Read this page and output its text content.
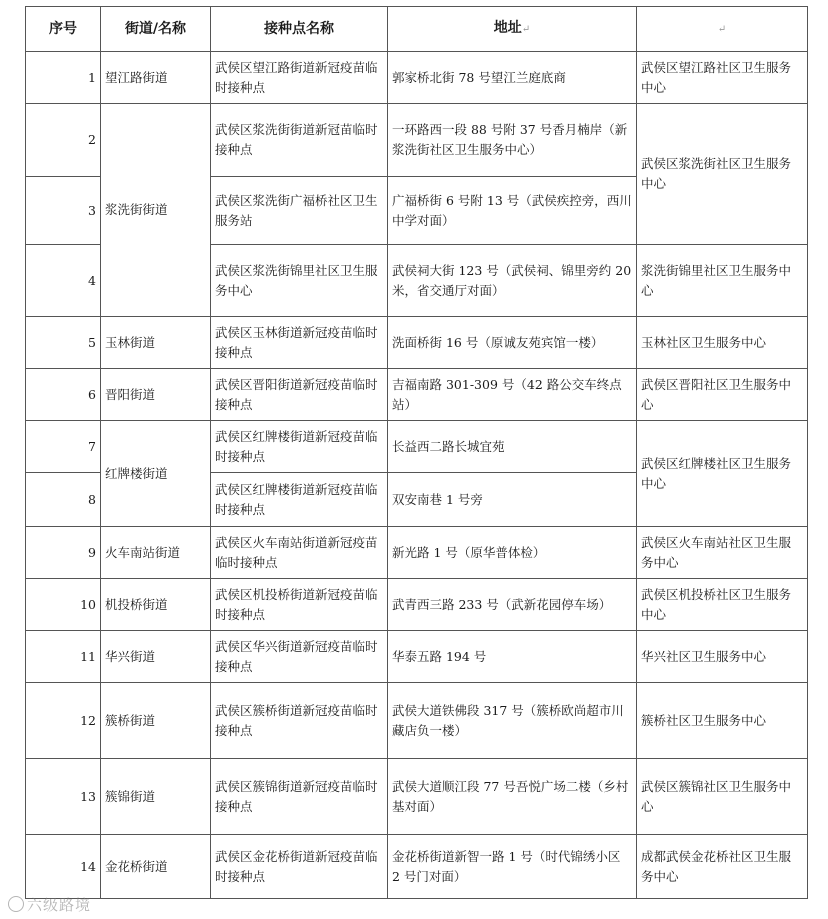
序号	街道/名称	接种点名称	地址↵	↵
1	望江路街道	武侯区望江路街道新冠疫苗临时接种点	郭家桥北街 78 号望江兰庭底商	武侯区望江路社区卫生服务中心
2	浆洗街街道	武侯区浆洗街街道新冠苗临时接种点	一环路西一段 88 号附 37 号香月楠岸（新浆洗街社区卫生服务中心）	武侯区浆洗街社区卫生服务中心
3		武侯区浆洗街广福桥社区卫生服务站	广福桥街 6 号附 13 号（武侯疾控旁，西川中学对面）	
4		武侯区浆洗街锦里社区卫生服务中心	武侯祠大街 123 号（武侯祠、锦里旁约 20 米，省交通厅对面）	浆洗街锦里社区卫生服务中心
5	玉林街道	武侯区玉林街道新冠疫苗临时接种点	洗面桥街 16 号（原诚友苑宾馆一楼）	玉林社区卫生服务中心
6	晋阳街道	武侯区晋阳街道新冠疫苗临时接种点	吉福南路 301-309 号（42 路公交车终点站）	武侯区晋阳社区卫生服务中心
7	红牌楼街道	武侯区红牌楼街道新冠疫苗临时接种点	长益西二路长城宜苑	武侯区红牌楼社区卫生服务中心
8		武侯区红牌楼街道新冠疫苗临时接种点	双安南巷 1 号旁	
9	火车南站街道	武侯区火车南站街道新冠疫苗临时接种点	新光路 1 号（原华普体检）	武侯区火车南站社区卫生服务中心
10	机投桥街道	武侯区机投桥街道新冠疫苗临时接种点	武青西三路 233 号（武新花园停车场）	武侯区机投桥社区卫生服务中心
11	华兴街道	武侯区华兴街道新冠疫苗临时接种点	华泰五路 194 号	华兴社区卫生服务中心
12	簇桥街道	武侯区簇桥街道新冠疫苗临时接种点	武侯大道铁佛段 317 号（簇桥欧尚超市川藏店负一楼）	簇桥社区卫生服务中心
13	簇锦街道	武侯区簇锦街道新冠疫苗临时接种点	武侯大道顺江段 77 号吾悦广场二楼（乡村基对面）	武侯区簇锦社区卫生服务中心
14	金花桥街道	武侯区金花桥街道新冠疫苗临时接种点	金花桥街道新智一路 1 号（时代锦绣小区 2 号门对面）	成都武侯金花桥社区卫生服务中心
六级路境
